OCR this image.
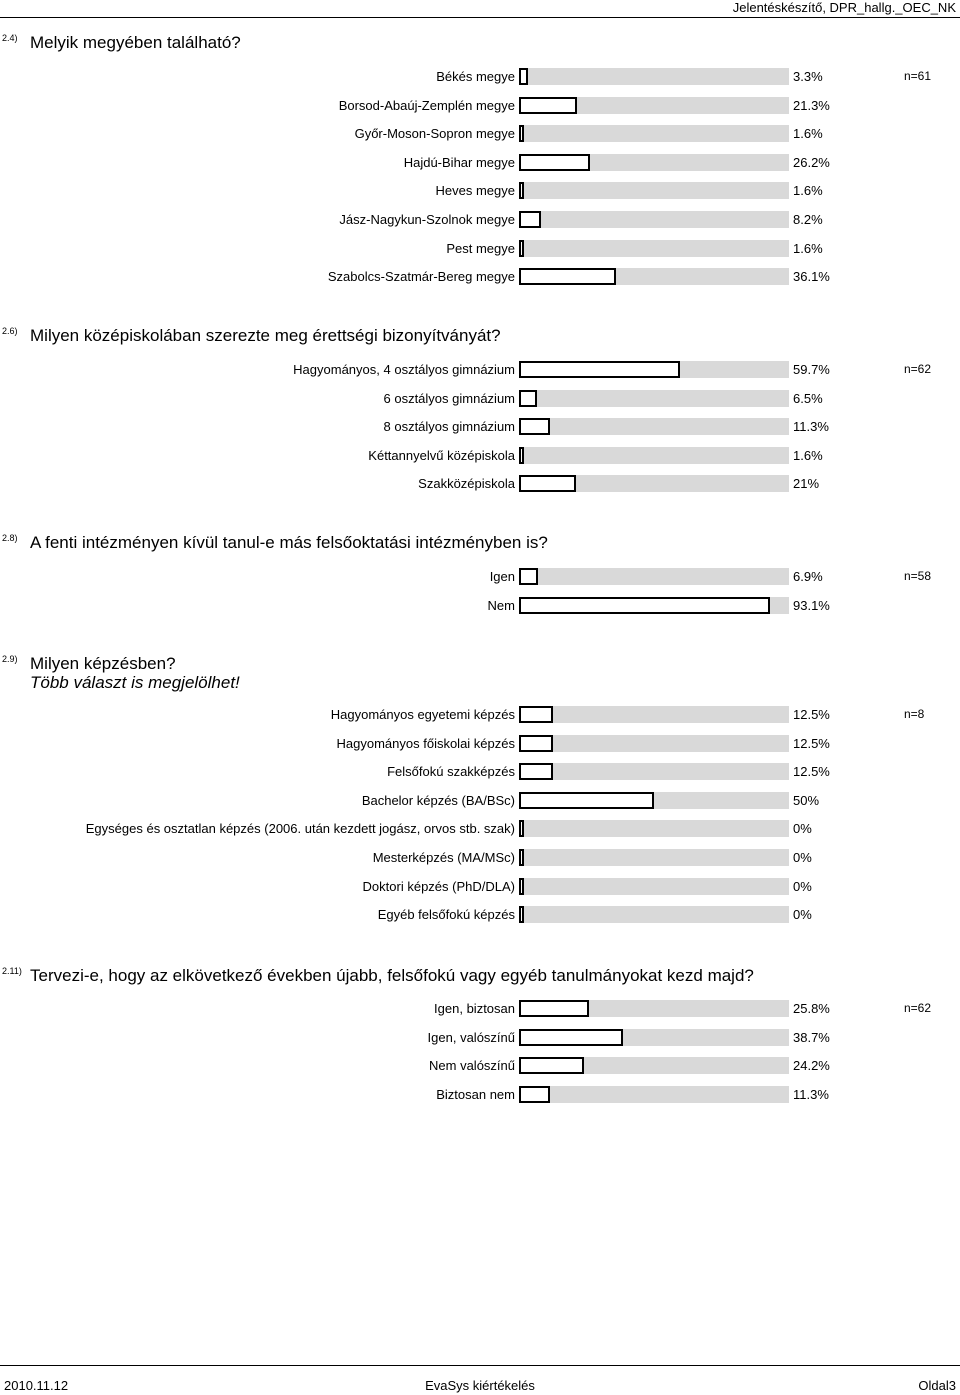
Jelentéskészítő, DPR_hallg._OEC_NK
2.4) Melyik megyében található?
n=61
Békés megye	3.3%
Borsod-Abaúj-Zemplén megye	21.3%
Győr-Moson-Sopron megye	1.6%
Hajdú-Bihar megye	26.2%
Heves megye	1.6%
Jász-Nagykun-Szolnok megye	8.2%
Pest megye	1.6%
Szabolcs-Szatmár-Bereg megye	36.1%
2.6) Milyen középiskolában szerezte meg érettségi bizonyítványát?
n=62
Hagyományos, 4 osztályos gimnázium	59.7%
6 osztályos gimnázium	6.5%
8 osztályos gimnázium	11.3%
Kéttannyelvű középiskola	1.6%
Szakközépiskola	21%
2.8) A fenti intézményen kívül tanul-e más felsőoktatási intézményben is?
n=58
Igen	6.9%
Nem	93.1%
2.9) Milyen képzésben?
Több választ is megjelölhet!
n=8
Hagyományos egyetemi képzés	12.5%
Hagyományos főiskolai képzés	12.5%
Felsőfokú szakképzés	12.5%
Bachelor képzés (BA/BSc)	50%
Egységes és osztatlan képzés (2006. után kezdett jogász, orvos stb. szak)	0%
Mesterképzés (MA/MSc)	0%
Doktori képzés (PhD/DLA)	0%
Egyéb felsőfokú képzés	0%
2.11) Tervezi-e, hogy az elkövetkező években újabb, felsőfokú vagy egyéb tanulmányokat kezd majd?
n=62
Igen, biztosan	25.8%
Igen, valószínű	38.7%
Nem valószínű	24.2%
Biztosan nem	11.3%
2010.11.12	EvaSys kiértékelés	Oldal3
